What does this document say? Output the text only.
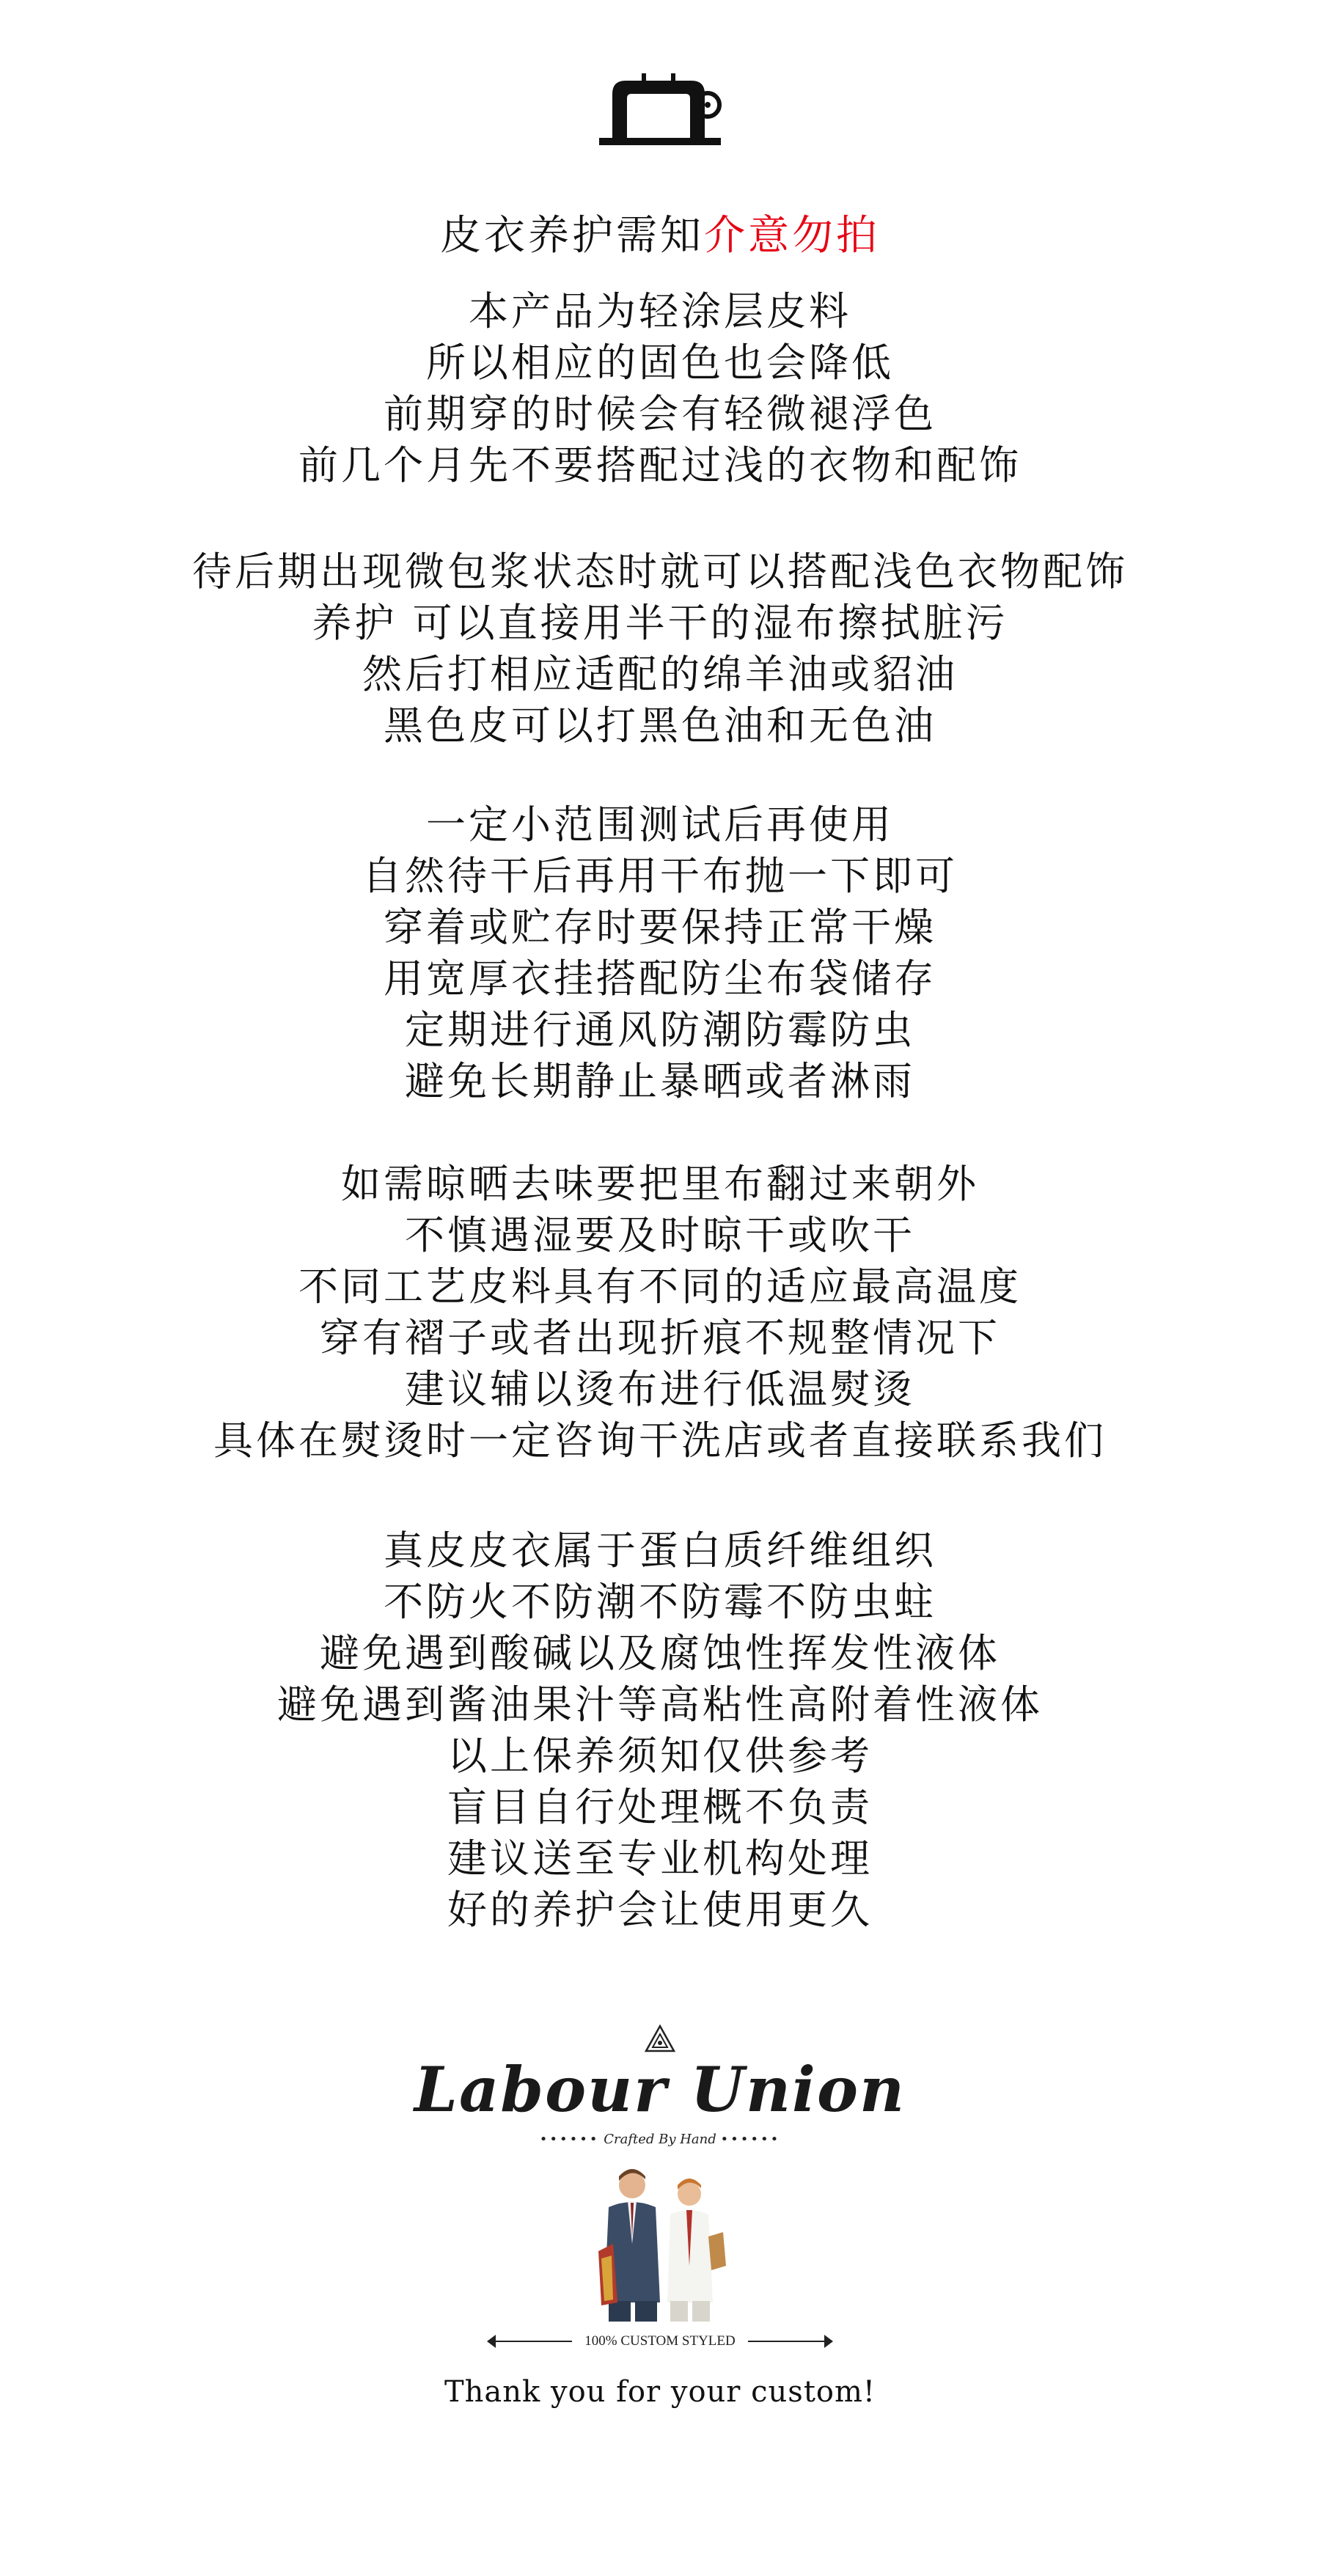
皮衣养护需知介意勿拍
本产品为轻涂层皮料
所以相应的固色也会降低
前期穿的时候会有轻微褪浮色
前几个月先不要搭配过浅的衣物和配饰
待后期出现微包浆状态时就可以搭配浅色衣物配饰
养护 可以直接用半干的湿布擦拭脏污
然后打相应适配的绵羊油或貂油
黑色皮可以打黑色油和无色油
一定小范围测试后再使用
自然待干后再用干布抛一下即可
穿着或贮存时要保持正常干燥
用宽厚衣挂搭配防尘布袋储存
定期进行通风防潮防霉防虫
避免长期静止暴晒或者淋雨
如需晾晒去味要把里布翻过来朝外
不慎遇湿要及时晾干或吹干
不同工艺皮料具有不同的适应最高温度
穿有褶子或者出现折痕不规整情况下
建议辅以烫布进行低温熨烫
具体在熨烫时一定咨询干洗店或者直接联系我们
真皮皮衣属于蛋白质纤维组织
不防火不防潮不防霉不防虫蛀
避免遇到酸碱以及腐蚀性挥发性液体
避免遇到酱油果汁等高粘性高附着性液体
以上保养须知仅供参考
盲目自行处理概不负责
建议送至专业机构处理
好的养护会让使用更久
Labour Union
•••••• Crafted By Hand ••••••
100% CUSTOM STYLED
Thank you for your custom!
